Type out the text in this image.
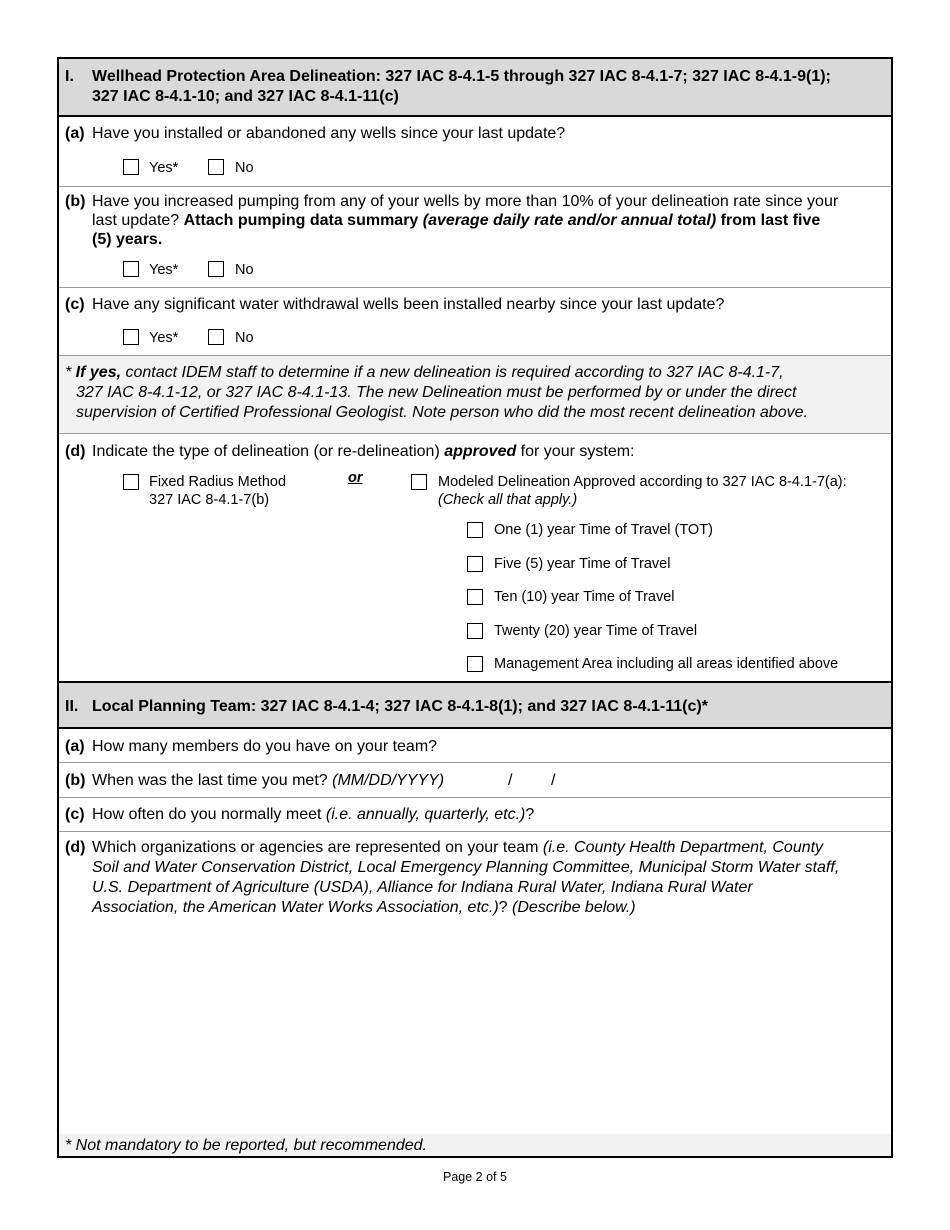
I. Wellhead Protection Area Delineation: 327 IAC 8-4.1-5 through 327 IAC 8-4.1-7; 327 IAC 8-4.1-9(1);
327 IAC 8-4.1-10; and 327 IAC 8-4.1-11(c)
(a) Have you installed or abandoned any wells since your last update?
Yes*	No
(b) Have you increased pumping from any of your wells by more than 10% of your delineation rate since your
last update? Attach pumping data summary (average daily rate and/or annual total) from last five
(5) years.
Yes*	No
(c) Have any significant water withdrawal wells been installed nearby since your last update?
Yes*	No
* If yes, contact IDEM staff to determine if a new delineation is required according to 327 IAC 8-4.1-7,
327 IAC 8-4.1-12, or 327 IAC 8-4.1-13. The new Delineation must be performed by or under the direct
supervision of Certified Professional Geologist. Note person who did the most recent delineation above.
(d) Indicate the type of delineation (or re-delineation) approved for your system:
Fixed Radius Method
327 IAC 8-4.1-7(b)
or	Modeled Delineation Approved according to 327 IAC 8-4.1-7(a):
(Check all that apply.)
One (1) year Time of Travel (TOT)
Five (5) year Time of Travel
Ten (10) year Time of Travel
Twenty (20) year Time of Travel
Management Area including all areas identified above
II. Local Planning Team: 327 IAC 8-4.1-4; 327 IAC 8-4.1-8(1); and 327 IAC 8-4.1-11(c)*
(a) How many members do you have on your team?
(b) When was the last time you met? (MM/DD/YYYY)	/ /
(c) How often do you normally meet (i.e. annually, quarterly, etc.)?
(d) Which organizations or agencies are represented on your team (i.e. County Health Department, County
Soil and Water Conservation District, Local Emergency Planning Committee, Municipal Storm Water staff,
U.S. Department of Agriculture (USDA), Alliance for Indiana Rural Water, Indiana Rural Water
Association, the American Water Works Association, etc.)? (Describe below.)
* Not mandatory to be reported, but recommended.
Page 2 of 5
